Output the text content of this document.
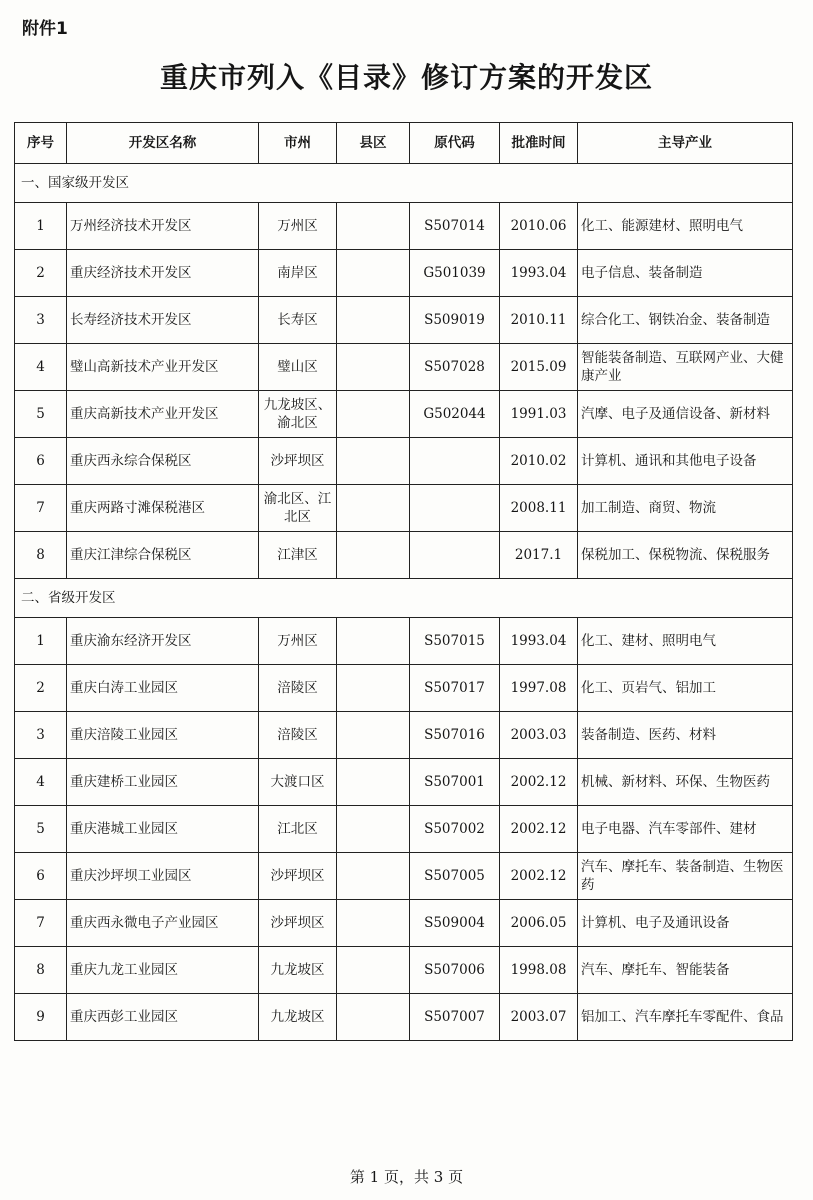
附件1
重庆市列入《目录》修订方案的开发区
序号	开发区名称	市州	县区	原代码	批准时间	主导产业
一、国家级开发区						
1	万州经济技术开发区	万州区		S507014	2010.06	化工、能源建材、照明电气
2	重庆经济技术开发区	南岸区		G501039	1993.04	电子信息、装备制造
3	长寿经济技术开发区	长寿区		S509019	2010.11	综合化工、钢铁冶金、装备制造
4	璧山高新技术产业开发区	璧山区		S507028	2015.09	智能装备制造、互联网产业、大健康产业
5	重庆高新技术产业开发区	九龙坡区、渝北区		G502044	1991.03	汽摩、电子及通信设备、新材料
6	重庆西永综合保税区	沙坪坝区			2010.02	计算机、通讯和其他电子设备
7	重庆两路寸滩保税港区	渝北区、江北区			2008.11	加工制造、商贸、物流
8	重庆江津综合保税区	江津区			2017.1	保税加工、保税物流、保税服务
二、省级开发区						
1	重庆渝东经济开发区	万州区		S507015	1993.04	化工、建材、照明电气
2	重庆白涛工业园区	涪陵区		S507017	1997.08	化工、页岩气、铝加工
3	重庆涪陵工业园区	涪陵区		S507016	2003.03	装备制造、医药、材料
4	重庆建桥工业园区	大渡口区		S507001	2002.12	机械、新材料、环保、生物医药
5	重庆港城工业园区	江北区		S507002	2002.12	电子电器、汽车零部件、建材
6	重庆沙坪坝工业园区	沙坪坝区		S507005	2002.12	汽车、摩托车、装备制造、生物医药
7	重庆西永微电子产业园区	沙坪坝区		S509004	2006.05	计算机、电子及通讯设备
8	重庆九龙工业园区	九龙坡区		S507006	1998.08	汽车、摩托车、智能装备
9	重庆西彭工业园区	九龙坡区		S507007	2003.07	铝加工、汽车摩托车零配件、食品
第 1 页，共 3 页
